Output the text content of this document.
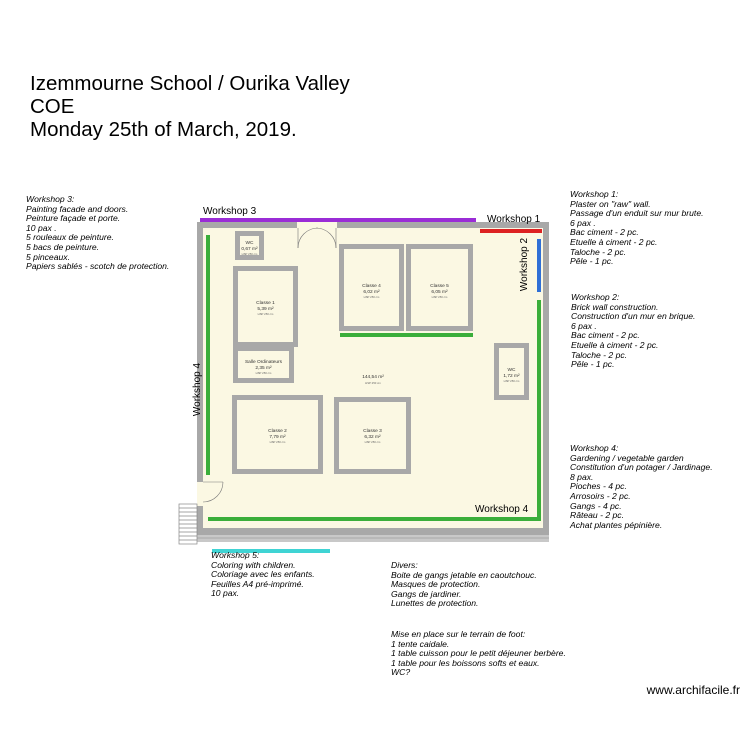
Izemmourne School / Ourika Valley
COE
Monday 25th of March, 2019.
Workshop 3
Workshop 1
Workshop 2
Workshop 4
Workshop 4
WC
0,67 m²
HSP 250 cm
Classe 1
5,39 m²
HSP 250 cm
Salle Ordinateurs
2,35 m²
HSP 250 cm
Classe 4
6,02 m²
HSP 250 cm
Classe 5
6,05 m²
HSP 250 cm
WC
1,72 m²
HSP 250 cm
144,54 m²
HSP 250 cm
Classe 2
7,79 m²
HSP 250 cm
Classe 3
6,32 m²
HSP 250 cm
Workshop 3:
Painting facade and doors.
Peinture façade et porte.
10 pax .
5 rouleaux de peinture.
5 bacs de peinture.
5 pinceaux.
Papiers sablés - scotch de protection.
Workshop 1:
Plaster on "raw" wall.
Passage d'un enduit sur mur brute.
6 pax .
Bac ciment - 2 pc.
Etuelle à ciment - 2 pc.
Taloche - 2 pc.
Pêle - 1 pc.
Workshop 2:
Brick wall construction.
Construction d'un mur en brique.
6 pax .
Bac ciment - 2 pc.
Etuelle à ciment - 2 pc.
Taloche - 2 pc.
Pêle - 1 pc.
Workshop 4:
Gardening / vegetable garden
Constitution d'un potager / Jardinage.
8 pax.
Pioches - 4 pc.
Arrosoirs - 2 pc.
Gangs - 4 pc.
Râteau - 2 pc.
Achat plantes pépinière.
Workshop 5:
Coloring with children.
Coloriage avec les enfants.
Feuilles A4 pré-imprimé.
10 pax.
Divers:
Boite de gangs jetable en caoutchouc.
Masques de protection.
Gangs de jardiner.
Lunettes de protection.
Mise en place sur le terrain de foot:
1 tente caidale.
1 table cuisson pour le petit déjeuner berbère.
1 table pour les boissons softs et eaux.
WC?
www.archifacile.fr
